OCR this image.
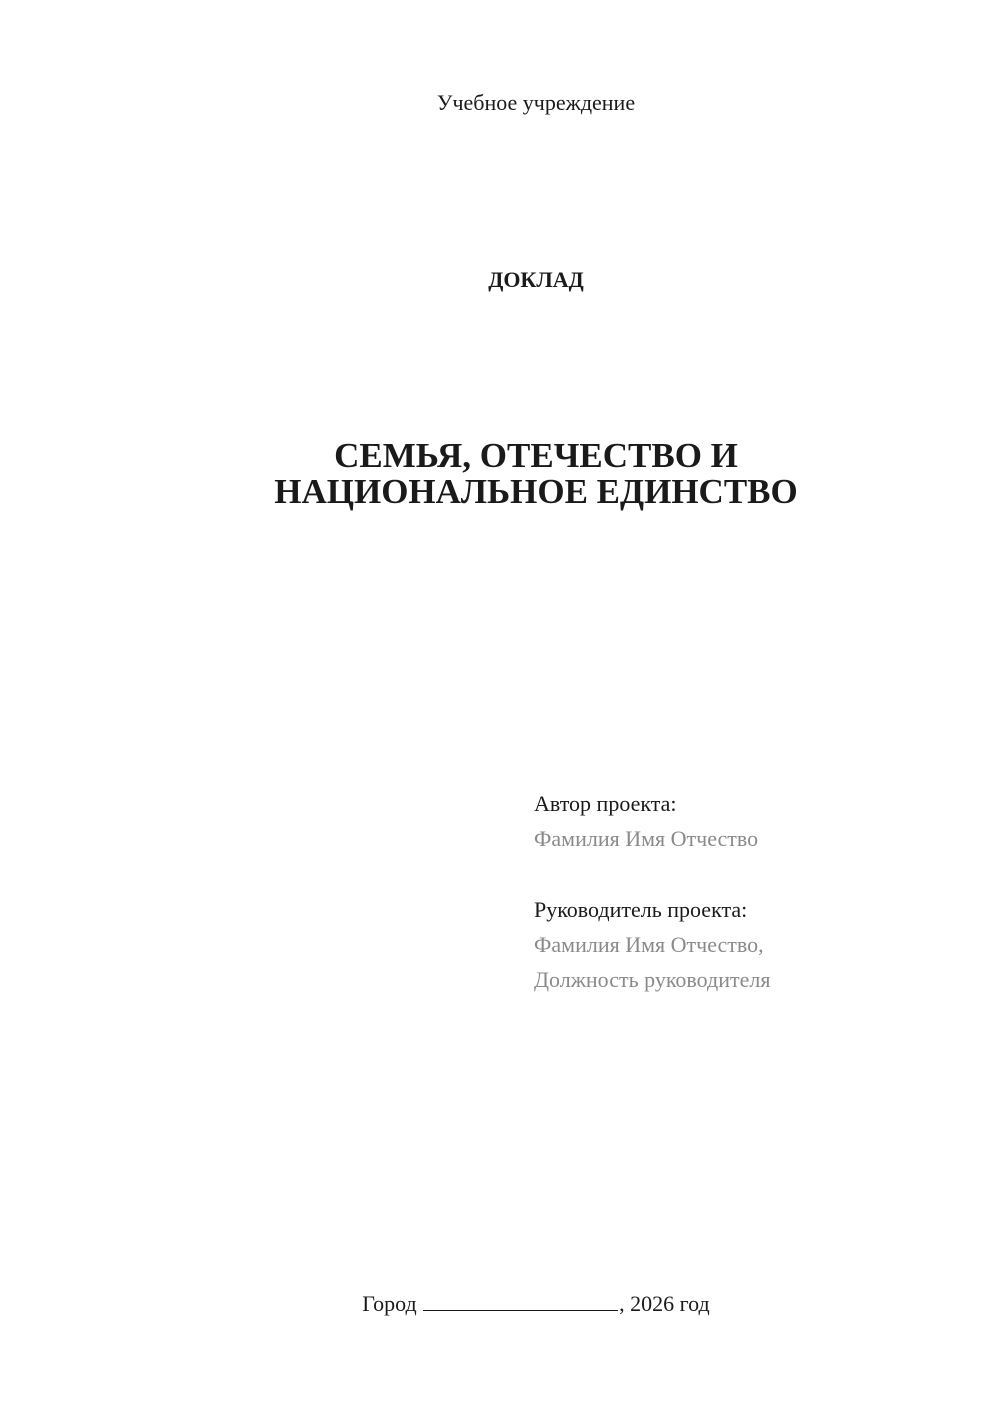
Учебное учреждение
ДОКЛАД
СЕМЬЯ, ОТЕЧЕСТВО И
НАЦИОНАЛЬНОЕ ЕДИНСТВО
Автор проекта:
Фамилия Имя Отчество
Руководитель проекта:
Фамилия Имя Отчество,
Должность руководителя
Город	, 2026 год
